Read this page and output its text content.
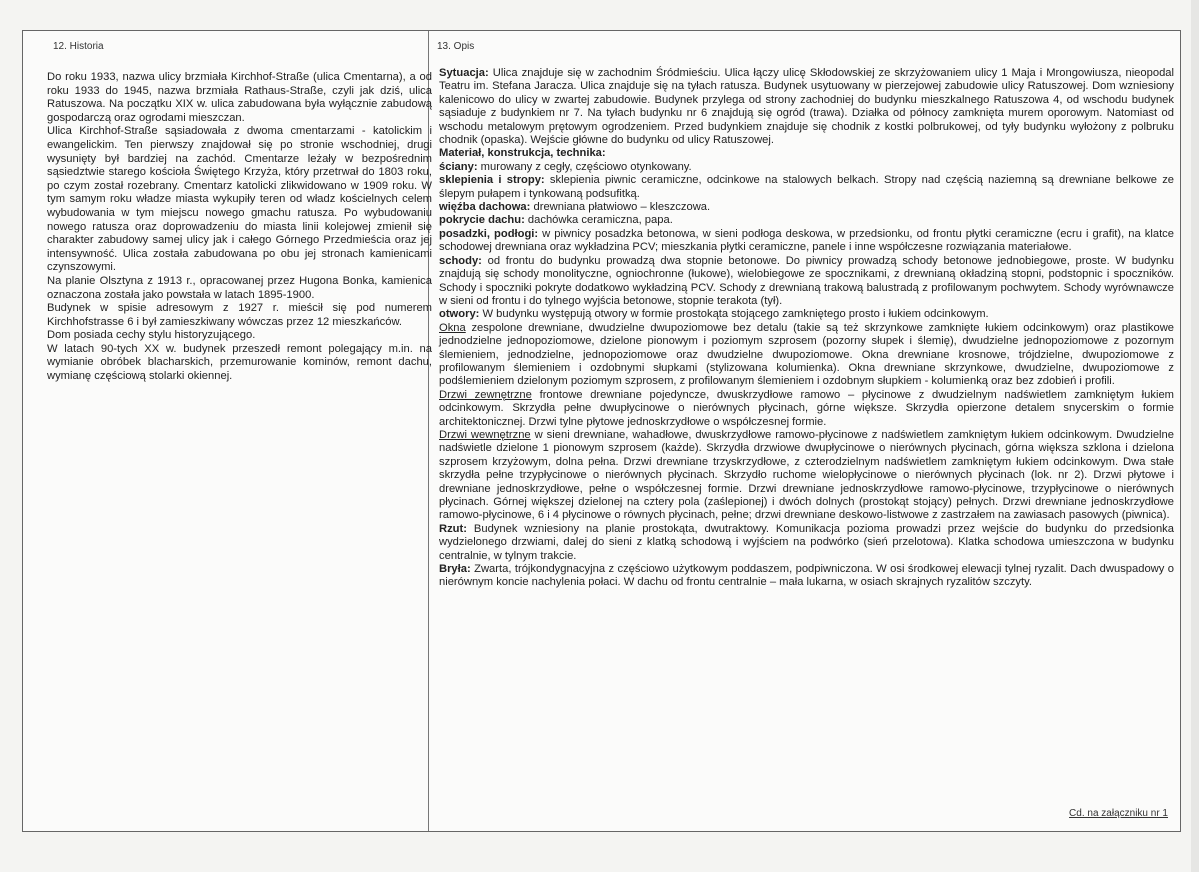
12. Historia	13. Opis

Do roku 1933, nazwa ulicy brzmiała Kirchhof-Straße (ulica Cmentarna), a od roku 1933 do 1945, nazwa brzmiała Rathaus-Straße, czyli jak dziś, ulica Ratuszowa. Na początku XIX w. ulica zabudowana była wyłącznie zabudową gospodarczą oraz ogrodami mieszczan.

Ulica Kirchhof-Straße sąsiadowała z dwoma cmentarzami - katolickim i ewangelickim. Ten pierwszy znajdował się po stronie wschodniej, drugi wysunięty był bardziej na zachód. Cmentarze leżały w bezpośrednim sąsiedztwie starego kościoła Świętego Krzyża, który przetrwał do 1803 roku, po czym został rozebrany. Cmentarz katolicki zlikwidowano w 1909 roku. W tym samym roku władze miasta wykupiły teren od władz kościelnych celem wybudowania w tym miejscu nowego gmachu ratusza. Po wybudowaniu nowego ratusza oraz doprowadzeniu do miasta linii kolejowej zmienił się charakter zabudowy samej ulicy jak i całego Górnego Przedmieścia oraz jej intensywność. Ulica została zabudowana po obu jej stronach kamienicami czynszowymi.

Na planie Olsztyna z 1913 r., opracowanej przez Hugona Bonka, kamienica oznaczona została jako powstała w latach 1895-1900.

Budynek w spisie adresowym z 1927 r. mieścił się pod numerem Kirchhofstrasse 6 i był zamieszkiwany wówczas przez 12 mieszkańców.

Dom posiada cechy stylu historyzującego.

W latach 90-tych XX w. budynek przeszedł remont polegający m.in. na wymianie obróbek blacharskich, przemurowanie kominów, remont dachu, wymianę częściową stolarki okiennej.

Sytuacja: Ulica znajduje się w zachodnim Śródmieściu. Ulica łączy ulicę Skłodowskiej ze skrzyżowaniem ulicy 1 Maja i Mrongowiusza, nieopodal Teatru im. Stefana Jaracza. Ulica znajduje się na tyłach ratusza. Budynek usytuowany w pierzejowej zabudowie ulicy Ratuszowej. Dom wzniesiony kalenicowo do ulicy w zwartej zabudowie. Budynek przylega od strony zachodniej do budynku mieszkalnego Ratuszowa 4, od wschodu budynek sąsiaduje z budynkiem nr 7. Na tyłach budynku nr 6 znajdują się ogród (trawa). Działka od północy zamknięta murem oporowym. Natomiast od wschodu metalowym prętowym ogrodzeniem. Przed budynkiem znajduje się chodnik z kostki polbrukowej, od tyły budynku wyłożony z polbruku chodnik (opaska). Wejście główne do budynku od ulicy Ratuszowej.

Materiał, konstrukcja, technika:

ściany: murowany z cegły, częściowo otynkowany.

sklepienia i stropy: sklepienia piwnic ceramiczne, odcinkowe na stalowych belkach. Stropy nad częścią naziemną są drewniane belkowe ze ślepym pułapem i tynkowaną podsufitką.

więźba dachowa: drewniana płatwiowo – kleszczowa.

pokrycie dachu: dachówka ceramiczna, papa.

posadzki, podłogi: w piwnicy posadzka betonowa, w sieni podłoga deskowa, w przedsionku, od frontu płytki ceramiczne (ecru i grafit), na klatce schodowej drewniana oraz wykładzina PCV; mieszkania płytki ceramiczne, panele i inne współczesne rozwiązania materiałowe.

schody: od frontu do budynku prowadzą dwa stopnie betonowe. Do piwnicy prowadzą schody betonowe jednobiegowe, proste. W budynku znajdują się schody monolityczne, ogniochronne (łukowe), wielobiegowe ze spocznikami, z drewnianą okładziną stopni, podstopnic i spoczników. Schody i spoczniki pokryte dodatkowo wykładziną PCV. Schody z drewnianą trakową balustradą z profilowanym pochwytem. Schody wyrównawcze w sieni od frontu i do tylnego wyjścia betonowe, stopnie terakota (tył).

otwory: W budynku występują otwory w formie prostokąta stojącego zamkniętego prosto i łukiem odcinkowym.

Okna zespolone drewniane, dwudzielne dwupoziomowe bez detalu (takie są też skrzynkowe zamknięte łukiem odcinkowym) oraz plastikowe jednodzielne jednopoziomowe, dzielone pionowym i poziomym szprosem (pozorny słupek i ślemię), dwudzielne jednopoziomowe z pozornym ślemieniem, jednodzielne, jednopoziomowe oraz dwudzielne dwupoziomowe. Okna drewniane krosnowe, trójdzielne, dwupoziomowe z profilowanym ślemieniem i ozdobnymi słupkami (stylizowana kolumienka). Okna drewniane skrzynkowe, dwudzielne, dwupoziomowe z podślemieniem dzielonym poziomym szprosem, z profilowanym ślemieniem i ozdobnym słupkiem - kolumienką oraz bez zdobień i profili.

Drzwi zewnętrzne frontowe drewniane pojedyncze, dwuskrzydłowe ramowo – płycinowe z dwudzielnym nadświetlem zamkniętym łukiem odcinkowym. Skrzydła pełne dwupłycinowe o nierównych płycinach, górne większe. Skrzydła opierzone detalem snycerskim o formie architektonicznej. Drzwi tylne płytowe jednoskrzydłowe o współczesnej formie.

Drzwi wewnętrzne w sieni drewniane, wahadłowe, dwuskrzydłowe ramowo-płycinowe z nadświetlem zamkniętym łukiem odcinkowym. Dwudzielne nadświetle dzielone 1 pionowym szprosem (każde). Skrzydła drzwiowe dwupłycinowe o nierównych płycinach, górna większa szklona i dzielona szprosem krzyżowym, dolna pełna. Drzwi drewniane trzyskrzydłowe, z czterodzielnym nadświetlem zamkniętym łukiem odcinkowym. Dwa stałe skrzydła pełne trzypłycinowe o nierównych płycinach. Skrzydło ruchome wielopłycinowe o nierównych płycinach (lok. nr 2). Drzwi płytowe i drewniane jednoskrzydłowe, pełne o współczesnej formie. Drzwi drewniane jednoskrzydłowe ramowo-płycinowe, trzypłycinowe o nierównych płycinach. Górnej większej dzielonej na cztery pola (zaślepionej) i dwóch dolnych (prostokąt stojący) pełnych. Drzwi drewniane jednoskrzydłowe ramowo-płycinowe, 6 i 4 płycinowe o równych płycinach, pełne; drzwi drewniane deskowo-listwowe z zastrzałem na zawiasach pasowych (piwnica).

Rzut: Budynek wzniesiony na planie prostokąta, dwutraktowy. Komunikacja pozioma prowadzi przez wejście do budynku do przedsionka wydzielonego drzwiami, dalej do sieni z klatką schodową i wyjściem na podwórko (sień przelotowa). Klatka schodowa umieszczona w budynku centralnie, w tylnym trakcie.

Bryła: Zwarta, trójkondygnacyjna z częściowo użytkowym poddaszem, podpiwniczona. W osi środkowej elewacji tylnej ryzalit. Dach dwuspadowy o nierównym koncie nachylenia połaci. W dachu od frontu centralnie – mała lukarna, w osiach skrajnych ryzalitów szczyty.

Cd. na załączniku nr 1
